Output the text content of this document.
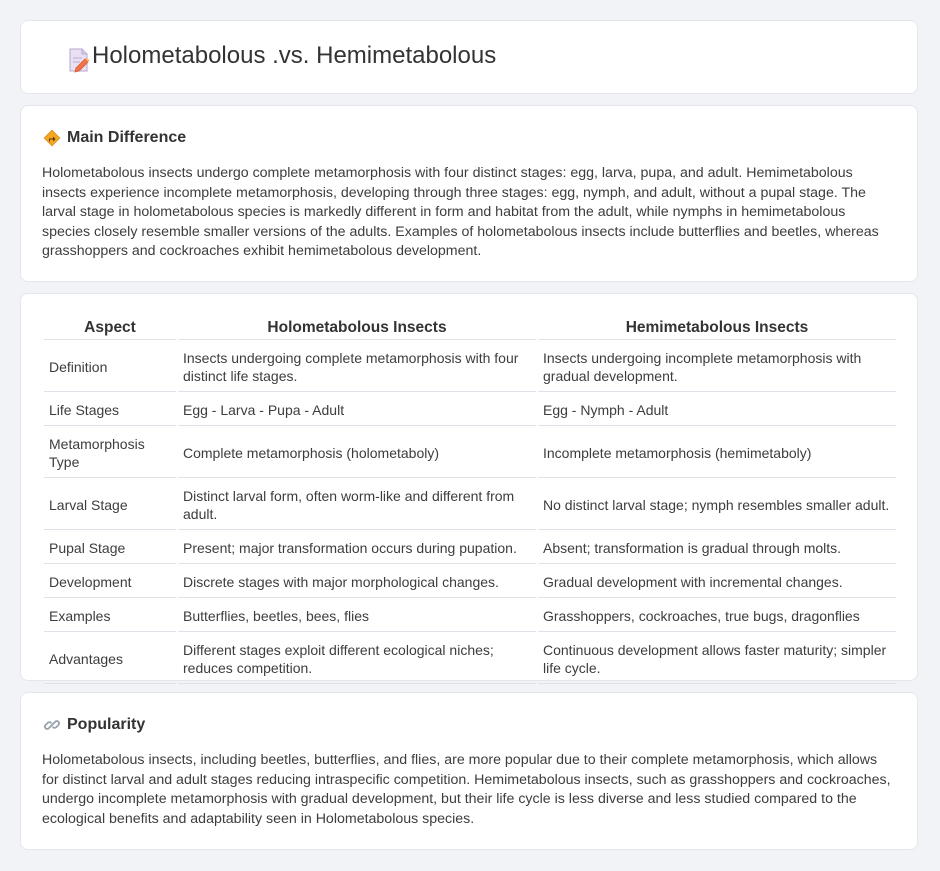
Holometabolous .vs. Hemimetabolous
Main Difference

Holometabolous insects undergo complete metamorphosis with four distinct stages: egg, larva, pupa, and adult. Hemimetabolous insects experience incomplete metamorphosis, developing through three stages: egg, nymph, and adult, without a pupal stage. The larval stage in holometabolous species is markedly different in form and habitat from the adult, while nymphs in hemimetabolous species closely resemble smaller versions of the adults. Examples of holometabolous insects include butterflies and beetles, whereas grasshoppers and cockroaches exhibit hemimetabolous development.

Aspect	Holometabolous Insects	Hemimetabolous Insects
Definition	Insects undergoing complete metamorphosis with four distinct life stages.	Insects undergoing incomplete metamorphosis with gradual development.
Life Stages	Egg - Larva - Pupa - Adult	Egg - Nymph - Adult
Metamorphosis Type	Complete metamorphosis (holometaboly)	Incomplete metamorphosis (hemimetaboly)
Larval Stage	Distinct larval form, often worm-like and different from adult.	No distinct larval stage; nymph resembles smaller adult.
Pupal Stage	Present; major transformation occurs during pupation.	Absent; transformation is gradual through molts.
Development	Discrete stages with major morphological changes.	Gradual development with incremental changes.
Examples	Butterflies, beetles, bees, flies	Grasshoppers, cockroaches, true bugs, dragonflies
Advantages	Different stages exploit different ecological niches; reduces competition.	Continuous development allows faster maturity; simpler life cycle.
Popularity

Holometabolous insects, including beetles, butterflies, and flies, are more popular due to their complete metamorphosis, which allows for distinct larval and adult stages reducing intraspecific competition. Hemimetabolous insects, such as grasshoppers and cockroaches, undergo incomplete metamorphosis with gradual development, but their life cycle is less diverse and less studied compared to the ecological benefits and adaptability seen in Holometabolous species.
